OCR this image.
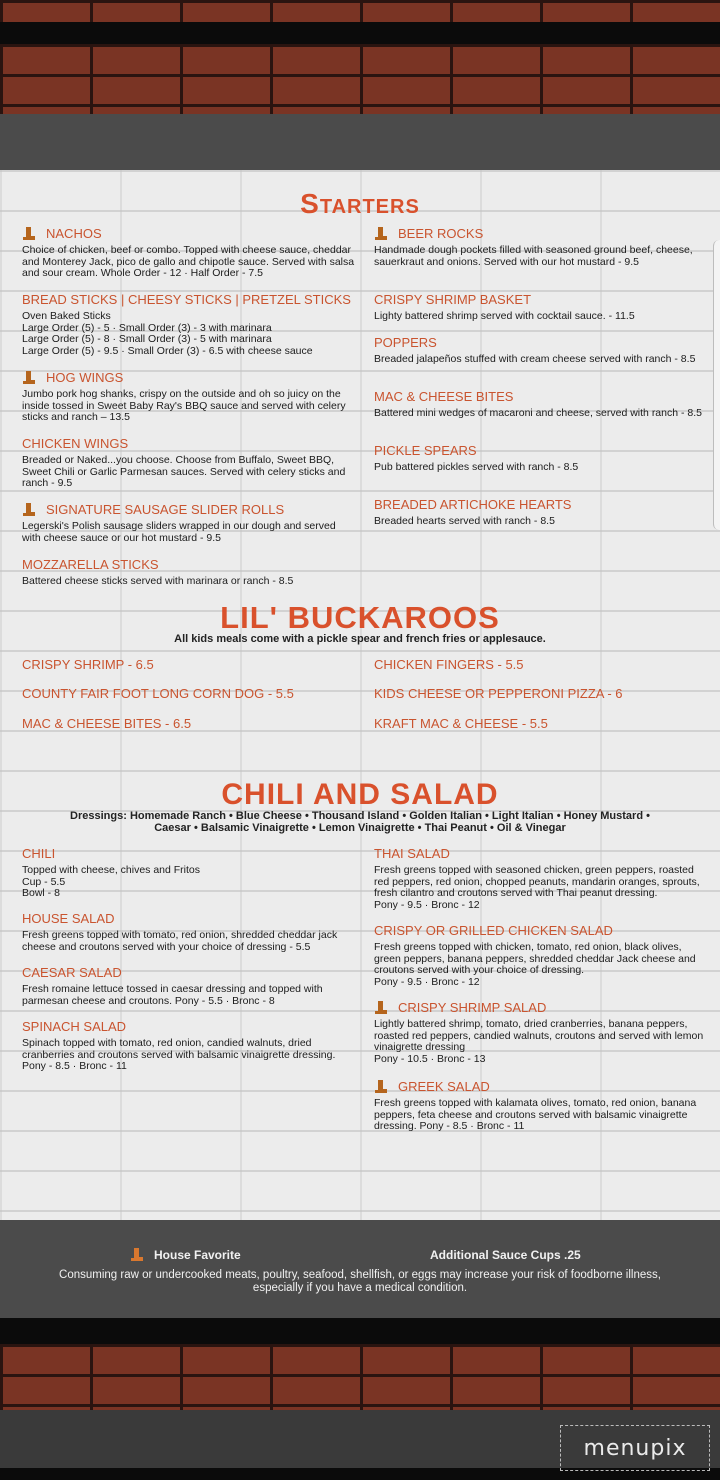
Starters
NACHOS
Choice of chicken, beef or combo. Topped with cheese sauce, cheddar and Monterey Jack, pico de gallo and chipotle sauce. Served with salsa and sour cream. Whole Order - 12 · Half Order - 7.5
BREAD STICKS | CHEESY STICKS | PRETZEL STICKS
Oven Baked Sticks
Large Order (5) - 5 · Small Order (3) - 3 with marinara
Large Order (5) - 8 · Small Order (3) - 5 with marinara
Large Order (5) - 9.5 · Small Order (3) - 6.5 with cheese sauce
HOG WINGS
Jumbo pork hog shanks, crispy on the outside and oh so juicy on the inside tossed in Sweet Baby Ray's BBQ sauce and served with celery sticks and ranch – 13.5
CHICKEN WINGS
Breaded or Naked...you choose. Choose from Buffalo, Sweet BBQ, Sweet Chili or Garlic Parmesan sauces. Served with celery sticks and ranch - 9.5
SIGNATURE SAUSAGE SLIDER ROLLS
Legerski's Polish sausage sliders wrapped in our dough and served with cheese sauce or our hot mustard - 9.5
MOZZARELLA STICKS
Battered cheese sticks served with marinara or ranch - 8.5
BEER ROCKS
Handmade dough pockets filled with seasoned ground beef, cheese, sauerkraut and onions. Served with our hot mustard - 9.5
CRISPY SHRIMP BASKET
Lighty battered shrimp served with cocktail sauce. - 11.5
POPPERS
Breaded jalapeños stuffed with cream cheese served with ranch - 8.5
MAC & CHEESE BITES
Battered mini wedges of macaroni and cheese, served with ranch - 8.5
PICKLE SPEARS
Pub battered pickles served with ranch - 8.5
BREADED ARTICHOKE HEARTS
Breaded hearts served with ranch - 8.5
LIL' BUCKAROOS
All kids meals come with a pickle spear and french fries or applesauce.
CRISPY SHRIMP - 6.5	CHICKEN FINGERS - 5.5
COUNTY FAIR FOOT LONG CORN DOG - 5.5	KIDS CHEESE OR PEPPERONI PIZZA - 6
MAC & CHEESE BITES - 6.5	KRAFT MAC & CHEESE - 5.5
CHILI AND SALAD
Dressings: Homemade Ranch • Blue Cheese • Thousand Island • Golden Italian • Light Italian • Honey Mustard •
Caesar • Balsamic Vinaigrette • Lemon Vinaigrette • Thai Peanut • Oil & Vinegar
CHILI
Topped with cheese, chives and Fritos
Cup - 5.5
Bowl - 8
HOUSE SALAD
Fresh greens topped with tomato, red onion, shredded cheddar jack cheese and croutons served with your choice of dressing - 5.5
CAESAR SALAD
Fresh romaine lettuce tossed in caesar dressing and topped with parmesan cheese and croutons. Pony - 5.5 · Bronc - 8
SPINACH SALAD
Spinach topped with tomato, red onion, candied walnuts, dried cranberries and croutons served with balsamic vinaigrette dressing.
Pony - 8.5 · Bronc - 11
THAI SALAD
Fresh greens topped with seasoned chicken, green peppers, roasted red peppers, red onion, chopped peanuts, mandarin oranges, sprouts, fresh cilantro and croutons served with Thai peanut dressing.
Pony - 9.5 · Bronc - 12
CRISPY OR GRILLED CHICKEN SALAD
Fresh greens topped with chicken, tomato, red onion, black olives, green peppers, banana peppers, shredded cheddar Jack cheese and croutons served with your choice of dressing.
Pony - 9.5 · Bronc - 12
CRISPY SHRIMP SALAD
Lightly battered shrimp, tomato, dried cranberries, banana peppers, roasted red peppers, candied walnuts, croutons and served with lemon vinaigrette dressing
Pony - 10.5 · Bronc - 13
GREEK SALAD
Fresh greens topped with kalamata olives, tomato, red onion, banana peppers, feta cheese and croutons served with balsamic vinaigrette dressing. Pony - 8.5 · Bronc - 11
House Favorite	Additional Sauce Cups .25
Consuming raw or undercooked meats, poultry, seafood, shellfish, or eggs may increase your risk of foodborne illness,
especially if you have a medical condition.
menupix
